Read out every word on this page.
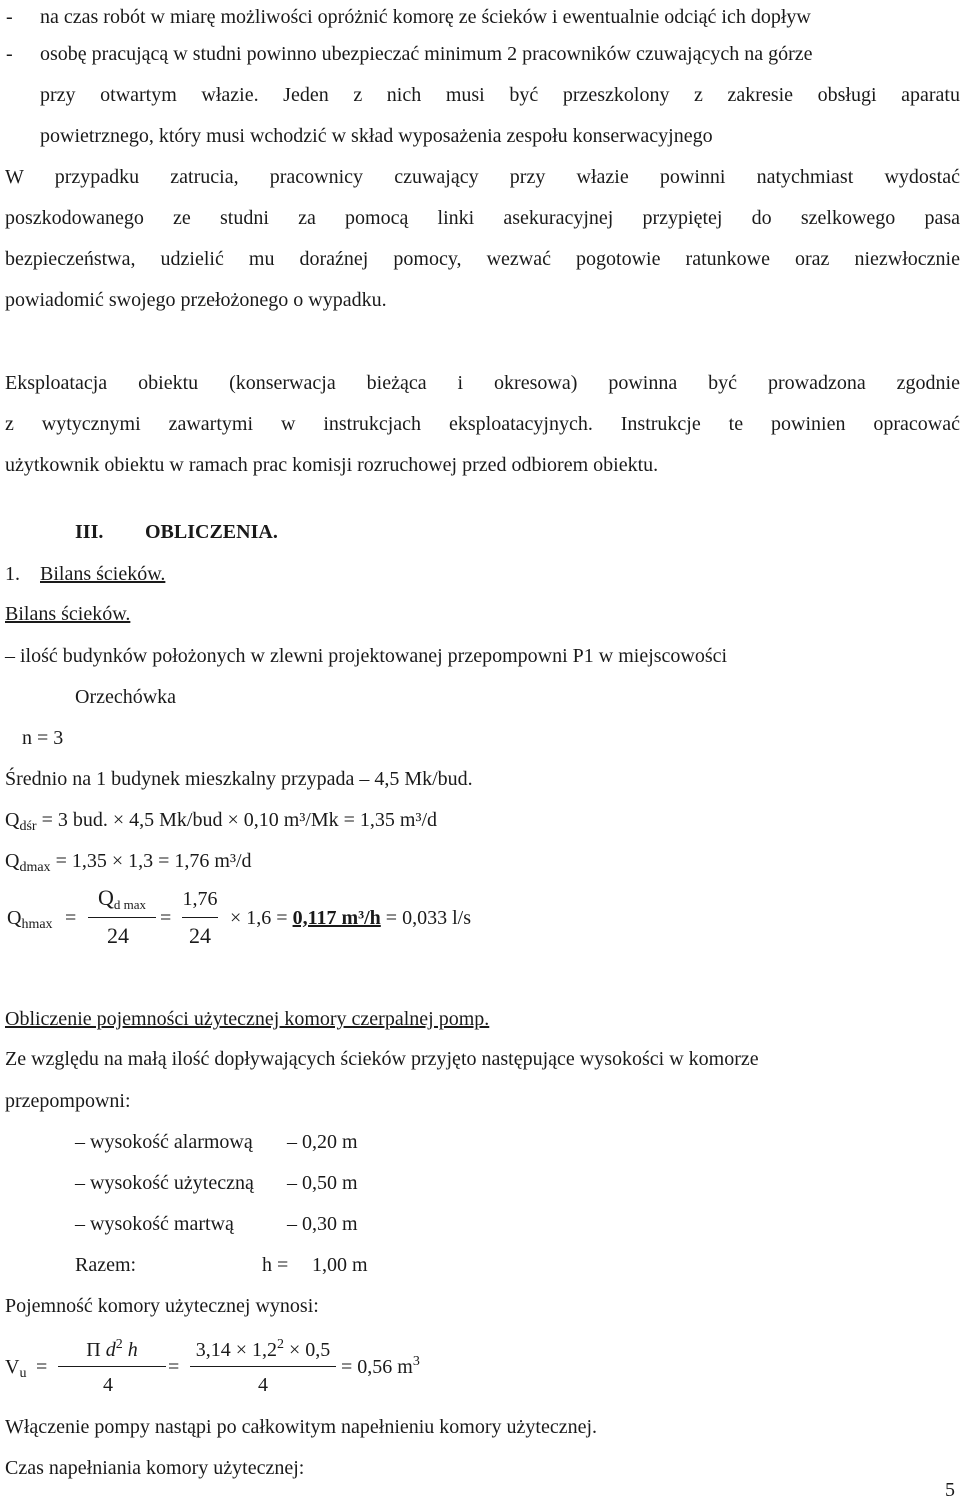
- na czas robót w miarę możliwości opróżnić komorę ze ścieków i ewentualnie odciąć ich dopływ
- osobę pracującą w studni powinno ubezpieczać minimum 2 pracowników czuwających na górze
przy otwartym włazie. Jeden z nich musi być przeszkolony z zakresie obsługi aparatu
powietrznego, który musi wchodzić w skład wyposażenia zespołu konserwacyjnego
W przypadku zatrucia, pracownicy czuwający przy włazie powinni natychmiast wydostać
poszkodowanego ze studni za pomocą linki asekuracyjnej przypiętej do szelkowego pasa
bezpieczeństwa, udzielić mu doraźnej pomocy, wezwać pogotowie ratunkowe oraz niezwłocznie
powiadomić swojego przełożonego o wypadku.
Eksploatacja obiektu (konserwacja bieżąca i okresowa) powinna być prowadzona zgodnie
z wytycznymi zawartymi w instrukcjach eksploatacyjnych. Instrukcje te powinien opracować
użytkownik obiektu w ramach prac komisji rozruchowej przed odbiorem obiektu.
III. OBLICZENIA.
1. Bilans ścieków.
Bilans ścieków.
– ilość budynków położonych w zlewni projektowanej przepompowni P1 w miejscowości
Orzechówka
n = 3
Średnio na 1 budynek mieszkalny przypada – 4,5 Mk/bud.
$Q_{dśr} = 3$ bud. × 4,5 Mk/bud × 0,10 m³/Mk = 1,35 m³/d
$Q_{dmax} = 1,35 \times 1,3 = 1,76$ m³/d
$Q_{hmax}$ =
$Q_{d max}$
24
=
1,76
24
× 1,6 = 0,117 m³/h = 0,033 l/s
Obliczenie pojemności użytecznej komory czerpalnej pomp.
Ze względu na małą ilość dopływających ścieków przyjęto następujące wysokości w komorze
przepompowni:
– wysokość alarmową – 0,20 m
– wysokość użyteczną – 0,50 m
– wysokość martwą	– 0,30 m
Razem:	h = 1,00 m
Pojemność komory użytecznej wynosi:
$V_u$ =
Π $d^2$ h
4
=
$3,14 \times 1,2^2 \times 0,5$
4
= 0,56 $m^3$
Włączenie pompy nastąpi po całkowitym napełnieniu komory użytecznej.
Czas napełniania komory użytecznej:
5
